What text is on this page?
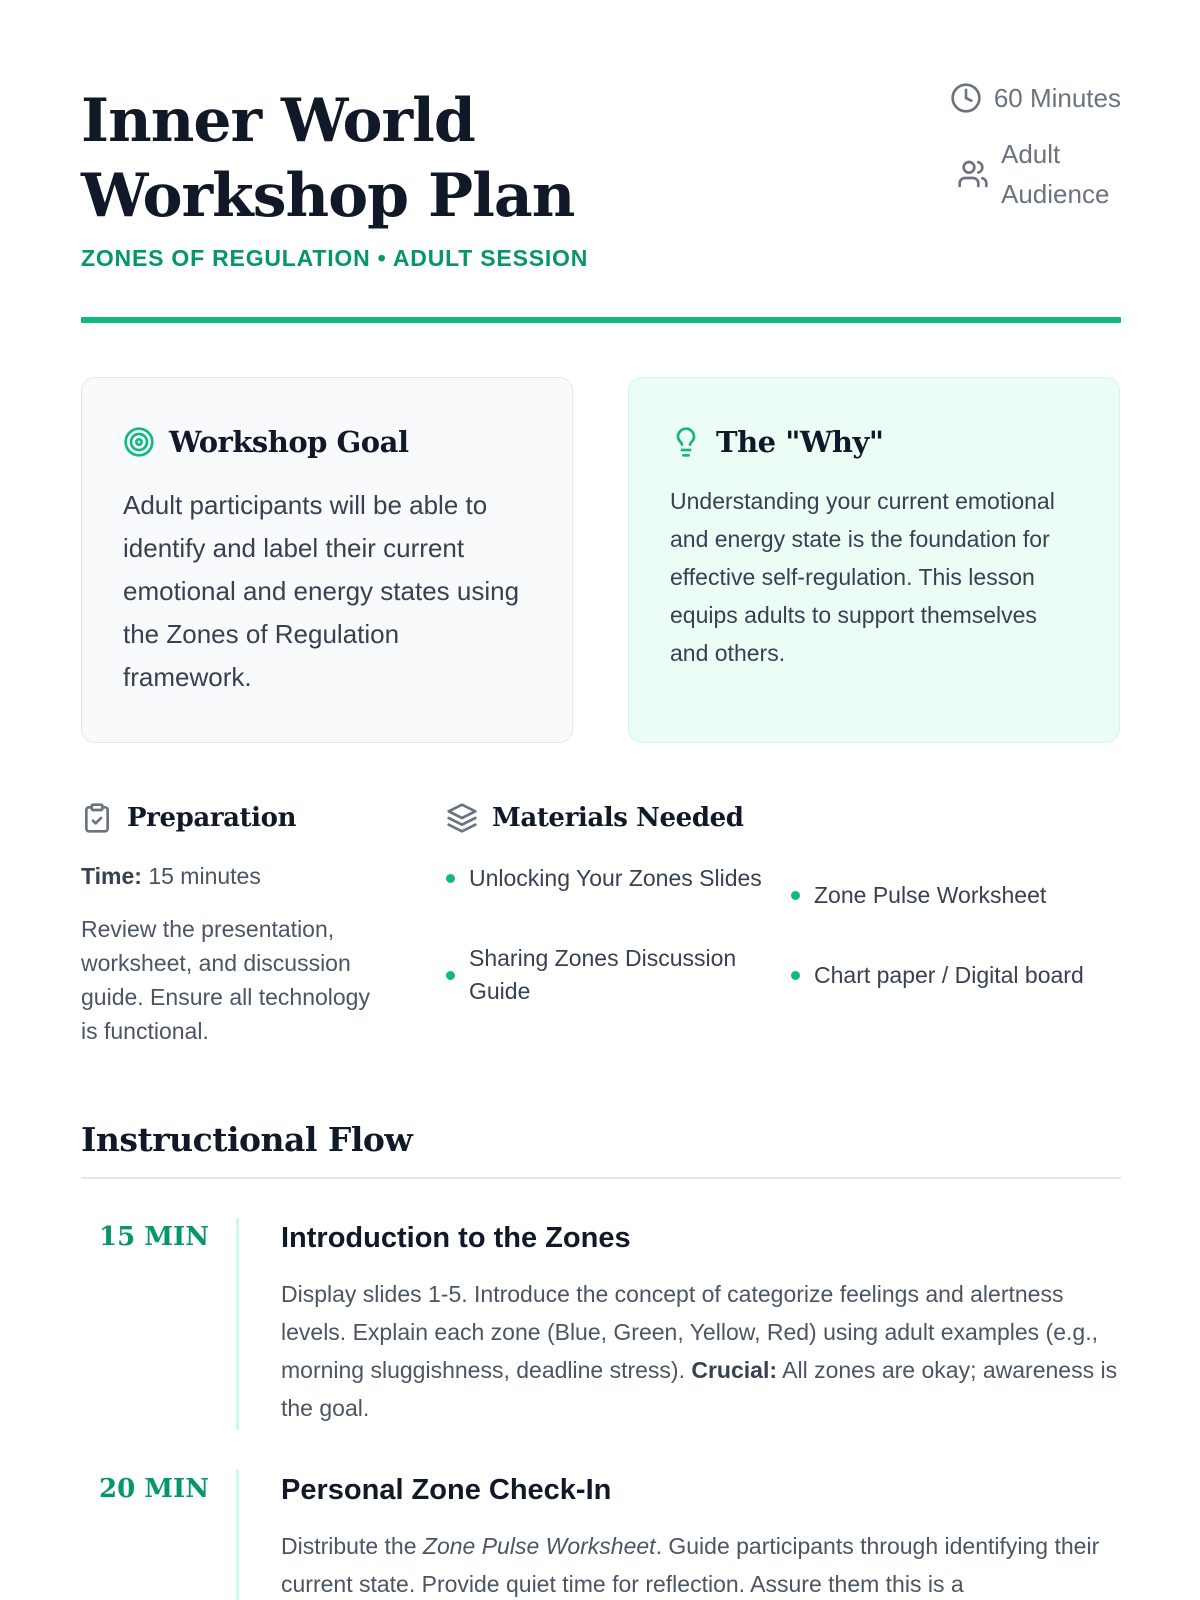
Inner World Workshop Plan
ZONES OF REGULATION • ADULT SESSION
60 Minutes
Adult Audience
Workshop Goal

Adult participants will be able to identify and label their current emotional and energy states using the Zones of Regulation framework.

The "Why"

Understanding your current emotional and energy state is the foundation for effective self-regulation. This lesson equips adults to support themselves and others.

Preparation
Time: 15 minutes
Review the presentation, worksheet, and discussion guide. Ensure all technology is functional.
Materials Needed
Unlocking Your Zones Slides
Zone Pulse Worksheet
Sharing Zones Discussion Guide
Chart paper / Digital board
Instructional Flow
15 MIN Introduction to the Zones

Display slides 1-5. Introduce the concept of categorize feelings and alertness levels. Explain each zone (Blue, Green, Yellow, Red) using adult examples (e.g., morning sluggishness, deadline stress). Crucial: All zones are okay; awareness is the goal.

20 MIN Personal Zone Check-In

Distribute the Zone Pulse Worksheet. Guide participants through identifying their current state. Provide quiet time for reflection. Assure them this is a
